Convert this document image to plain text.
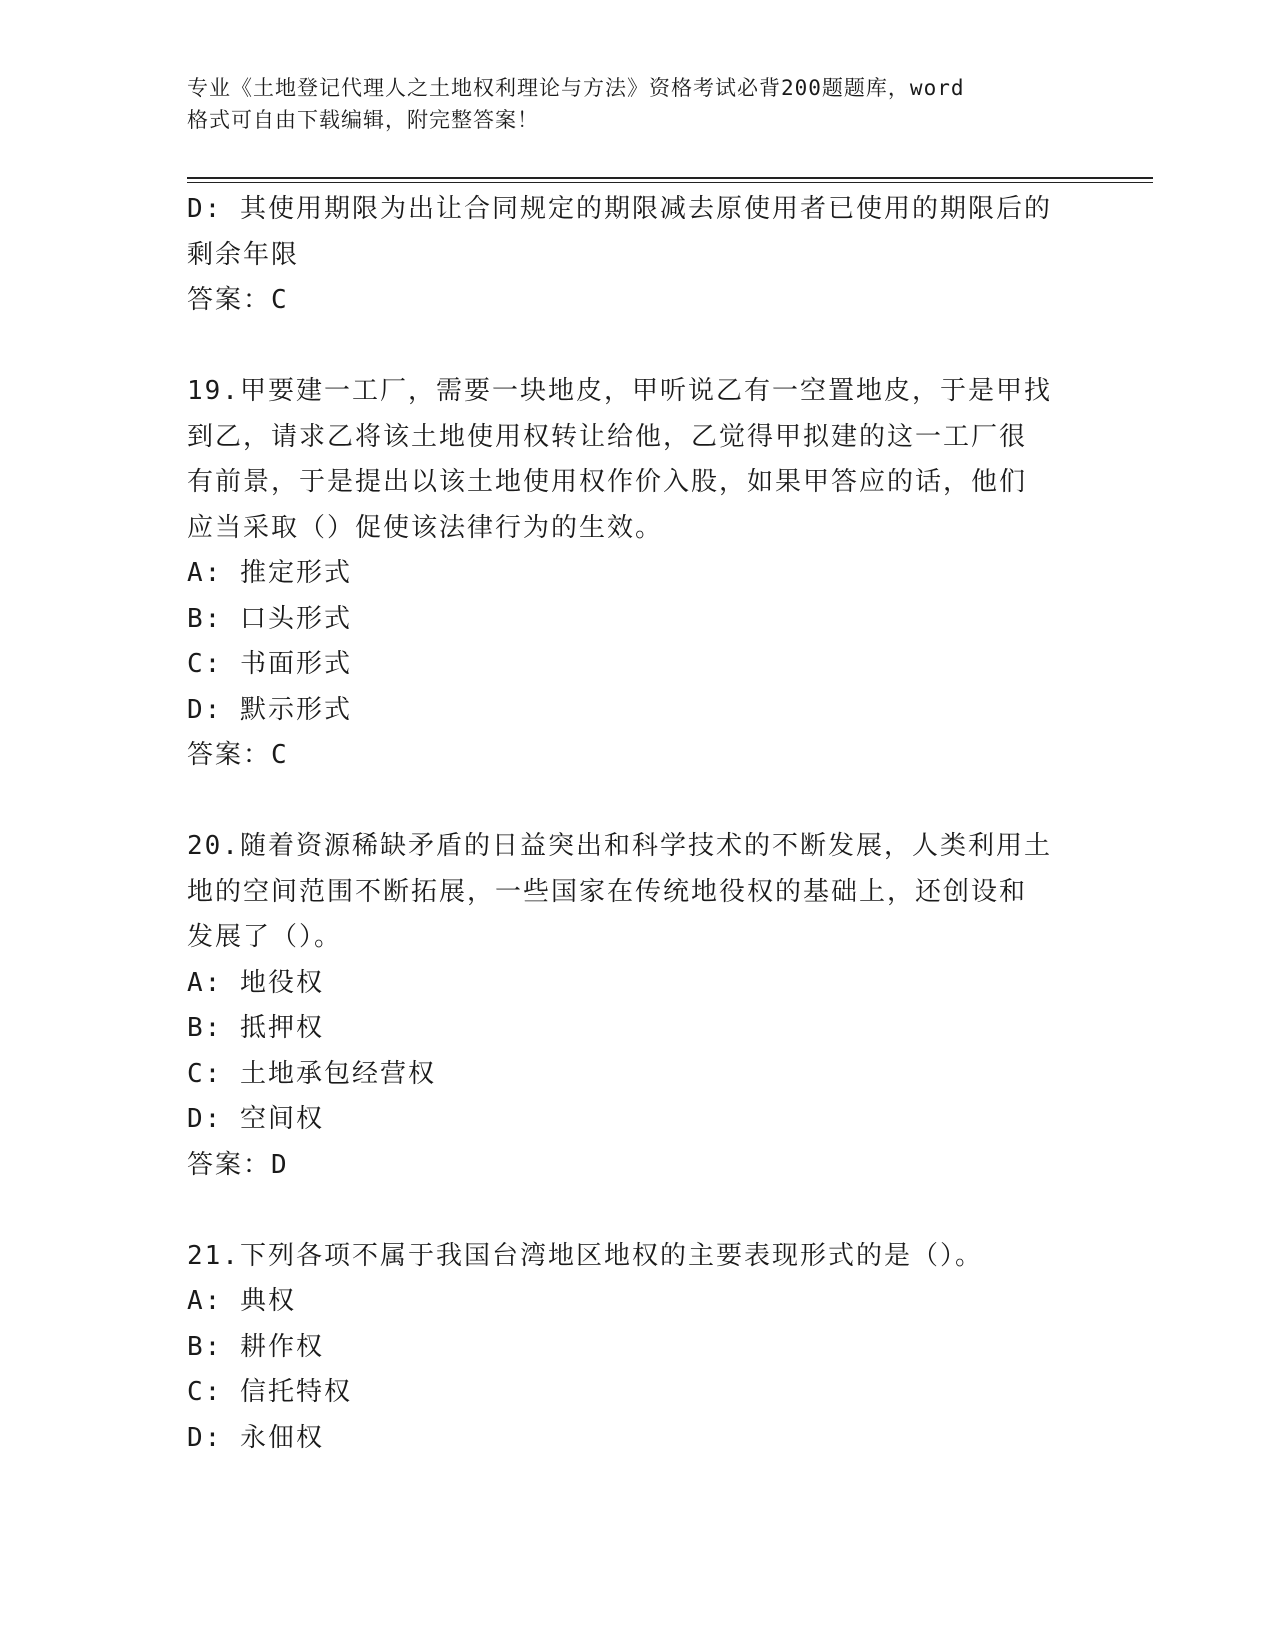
专业《土地登记代理人之土地权利理论与方法》资格考试必背200题题库，word

格式可自由下载编辑，附完整答案！

D: 其使用期限为出让合同规定的期限减去原使用者已使用的期限后的

剩余年限

答案：C

19.甲要建一工厂，需要一块地皮，甲听说乙有一空置地皮，于是甲找

到乙，请求乙将该土地使用权转让给他，乙觉得甲拟建的这一工厂很

有前景，于是提出以该土地使用权作价入股，如果甲答应的话，他们

应当采取（）促使该法律行为的生效。

A: 推定形式

B: 口头形式

C: 书面形式

D: 默示形式

答案：C

20.随着资源稀缺矛盾的日益突出和科学技术的不断发展，人类利用土

地的空间范围不断拓展，一些国家在传统地役权的基础上，还创设和

发展了（）。

A: 地役权

B: 抵押权

C: 土地承包经营权

D: 空间权

答案：D

21.下列各项不属于我国台湾地区地权的主要表现形式的是（）。

A: 典权

B: 耕作权

C: 信托特权

D: 永佃权
